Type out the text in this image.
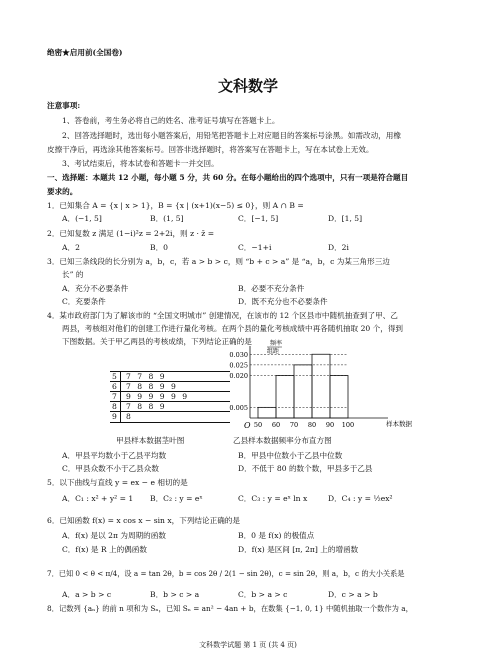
绝密★启用前(全国卷)
文科数学
注意事项:
1、答卷前，考生务必将自己的姓名、准考证号填写在答题卡上。
2、回答选择题时，选出每小题答案后，用铅笔把答题卡上对应题目的答案标号涂黑。如需改动，用橡
皮擦干净后，再选涂其他答案标号。回答非选择题时，将答案写在答题卡上，写在本试卷上无效。
3、考试结束后，将本试卷和答题卡一并交回。
一、选择题：本题共 12 小题，每小题 5 分，共 60 分。在每小题给出的四个选项中，只有一项是符合题目
要求的。
1．已知集合 A = {x | x > 1}，B = {x | (x+1)(x−5) ≤ 0}，则 A ∩ B =
A．(−1, 5]	B．(1, 5]	C．[−1, 5]	D．[1, 5]
2．已知复数 z 满足 (1−i)²z = 2+2i，则 z · z̄ =
A．2	B．0	C．−1+i	D．2i
3．已知三条线段的长分别为 a，b，c，若 a > b > c，则 “b + c > a” 是 “a，b，c 为某三角形三边
长” 的
A．充分不必要条件	B．必要不充分条件
C．充要条件	D．既不充分也不必要条件
4．某市政府部门为了解该市的 “全国文明城市” 创建情况，在该市的 12 个区县市中随机抽查到了甲、乙
两县，考核组对他们的创建工作进行量化考核。在两个县的量化考核成绩中再各随机抽取 20 个，得到
下图数据。关于甲乙两县的考核成绩，下列结论正确的是
5 7 7 8 9
6 7 8 8 9 9
7 9 9 9 9 9 9
8 7 8 8 9
9 8
甲县样本数据茎叶图
O
频率
组距
样本数据
50 60 70 80 90 100
0.005
0.020
0.025
0.030
乙县样本数据频率分布直方图
A．甲县平均数小于乙县平均数	B．甲县中位数小于乙县中位数
C．甲县众数不小于乙县众数	D．不低于 80 的数个数，甲县多于乙县
5．以下曲线与直线 y = ex − e 相切的是
A．C₁ : x² + y² = 1 B．C₂ : y = eˣ	C．C₃ : y = eˣ ln x	D．C₄ : y = ½ex²
6．已知函数 f(x) = x cos x − sin x，下列结论正确的是
A．f(x) 是以 2π 为周期的函数	B．0 是 f(x) 的极值点
C．f(x) 是 R 上的偶函数	D．f(x) 是区间 [π, 2π] 上的增函数
7．已知 0 < θ < π/4，设 a = tan 2θ，b = cos 2θ / 2(1 − sin 2θ)，c = sin 2θ，则 a，b，c 的大小关系是
A．a > b > c	B．b > c > a	C．b > a > c	D．c > a > b
8．记数列 {aₙ} 的前 n 项和为 Sₙ，已知 Sₙ = an² − 4an + b，在数集 {−1, 0, 1} 中随机抽取一个数作为 a，
文科数学试题 第 1 页 (共 4 页)
